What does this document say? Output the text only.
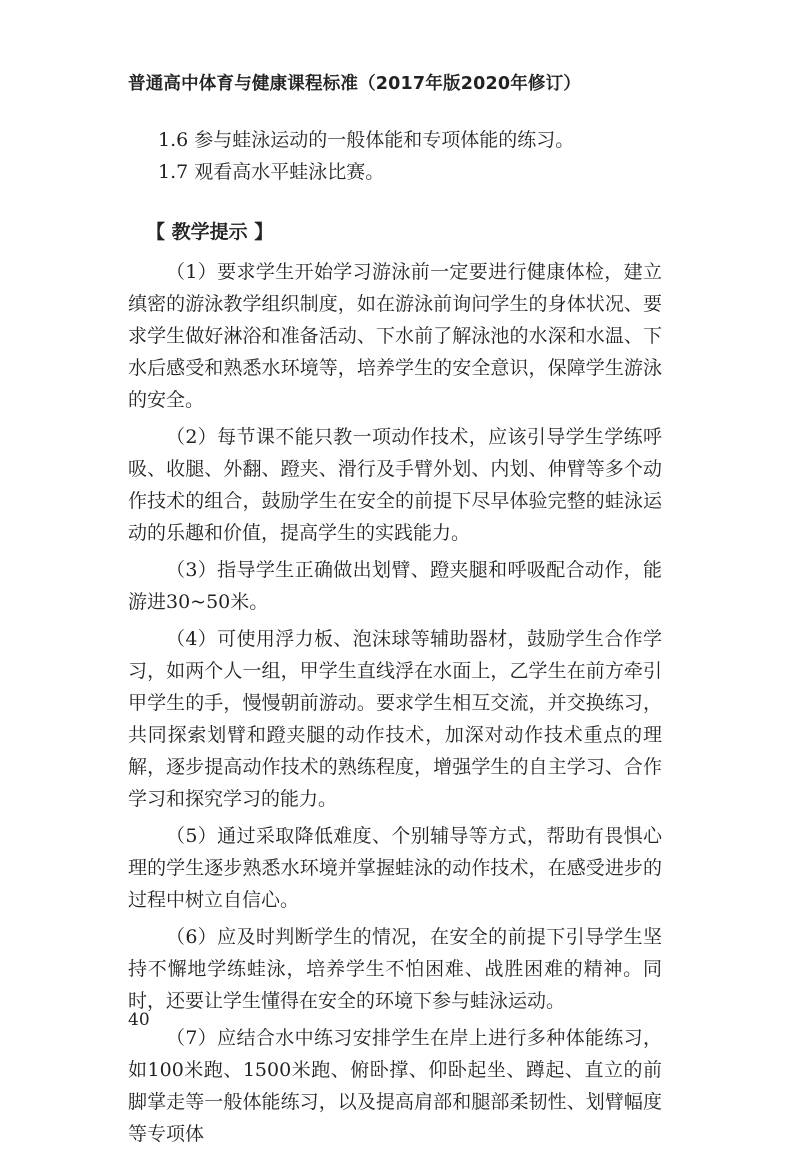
普通高中体育与健康课程标准（2017年版2020年修订）

1.6 参与蛙泳运动的一般体能和专项体能的练习。

1.7 观看高水平蛙泳比赛。

【 教学提示 】

（1）要求学生开始学习游泳前一定要进行健康体检，建立缜密的游泳教学组织制度，如在游泳前询问学生的身体状况、要求学生做好淋浴和准备活动、下水前了解泳池的水深和水温、下水后感受和熟悉水环境等，培养学生的安全意识，保障学生游泳的安全。

（2）每节课不能只教一项动作技术，应该引导学生学练呼吸、收腿、外翻、蹬夹、滑行及手臂外划、内划、伸臂等多个动作技术的组合，鼓励学生在安全的前提下尽早体验完整的蛙泳运动的乐趣和价值，提高学生的实践能力。

（3）指导学生正确做出划臂、蹬夹腿和呼吸配合动作，能游进30~50米。

（4）可使用浮力板、泡沫球等辅助器材，鼓励学生合作学习，如两个人一组，甲学生直线浮在水面上，乙学生在前方牵引甲学生的手，慢慢朝前游动。要求学生相互交流，并交换练习，共同探索划臂和蹬夹腿的动作技术，加深对动作技术重点的理解，逐步提高动作技术的熟练程度，增强学生的自主学习、合作学习和探究学习的能力。

（5）通过采取降低难度、个别辅导等方式，帮助有畏惧心理的学生逐步熟悉水环境并掌握蛙泳的动作技术，在感受进步的过程中树立自信心。

（6）应及时判断学生的情况，在安全的前提下引导学生坚持不懈地学练蛙泳，培养学生不怕困难、战胜困难的精神。同时，还要让学生懂得在安全的环境下参与蛙泳运动。

（7）应结合水中练习安排学生在岸上进行多种体能练习，如100米跑、1500米跑、俯卧撑、仰卧起坐、蹲起、直立的前脚掌走等一般体能练习，以及提高肩部和腿部柔韧性、划臂幅度等专项体

40
